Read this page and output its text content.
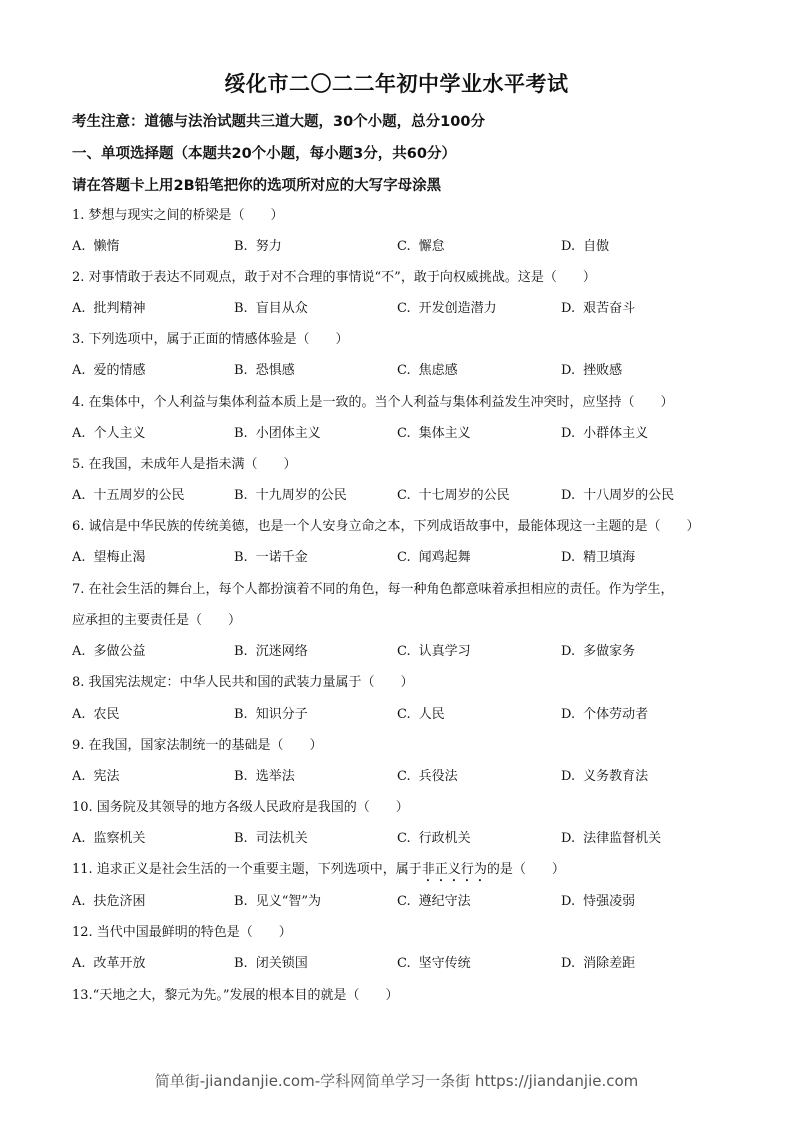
绥化市二〇二二年初中学业水平考试
考生注意：道德与法治试题共三道大题，30个小题，总分100分
一、单项选择题（本题共20个小题，每小题3分，共60分）
请在答题卡上用2B铅笔把你的选项所对应的大写字母涂黑
1. 梦想与现实之间的桥梁是（　　）
A. 懒惰	B. 努力	C. 懈怠	D. 自傲
2. 对事情敢于表达不同观点，敢于对不合理的事情说“不”，敢于向权威挑战。这是（　　）
A. 批判精神	B. 盲目从众	C. 开发创造潜力	D. 艰苦奋斗
3. 下列选项中，属于正面的情感体验是（　　）
A. 爱的情感	B. 恐惧感	C. 焦虑感	D. 挫败感
4. 在集体中，个人利益与集体利益本质上是一致的。当个人利益与集体利益发生冲突时，应坚持（　　）
A. 个人主义	B. 小团体主义	C. 集体主义	D. 小群体主义
5. 在我国，未成年人是指未满（　　）
A. 十五周岁的公民	B. 十九周岁的公民	C. 十七周岁的公民	D. 十八周岁的公民
6. 诚信是中华民族的传统美德，也是一个人安身立命之本，下列成语故事中，最能体现这一主题的是（　　）
A. 望梅止渴	B. 一诺千金	C. 闻鸡起舞	D. 精卫填海
7. 在社会生活的舞台上，每个人都扮演着不同的角色，每一种角色都意味着承担相应的责任。作为学生，
应承担的主要责任是（　　）
A. 多做公益	B. 沉迷网络	C. 认真学习	D. 多做家务
8. 我国宪法规定：中华人民共和国的武装力量属于（　　）
A. 农民	B. 知识分子	C. 人民	D. 个体劳动者
9. 在我国，国家法制统一的基础是（　　）
A. 宪法	B. 选举法	C. 兵役法	D. 义务教育法
10. 国务院及其领导的地方各级人民政府是我国的（　　）
A. 监察机关	B. 司法机关	C. 行政机关	D. 法律监督机关
11. 追求正义是社会生活的一个重要主题，下列选项中，属于非正义行为的是（　　）
A. 扶危济困	B. 见义“智”为	C. 遵纪守法	D. 恃强凌弱
12. 当代中国最鲜明的特色是（　　）
A. 改革开放	B. 闭关锁国	C. 坚守传统	D. 消除差距
13.“天地之大，黎元为先。”发展的根本目的就是（　　）
简单街-jiandanjie.com-学科网简单学习一条街 https://jiandanjie.com
